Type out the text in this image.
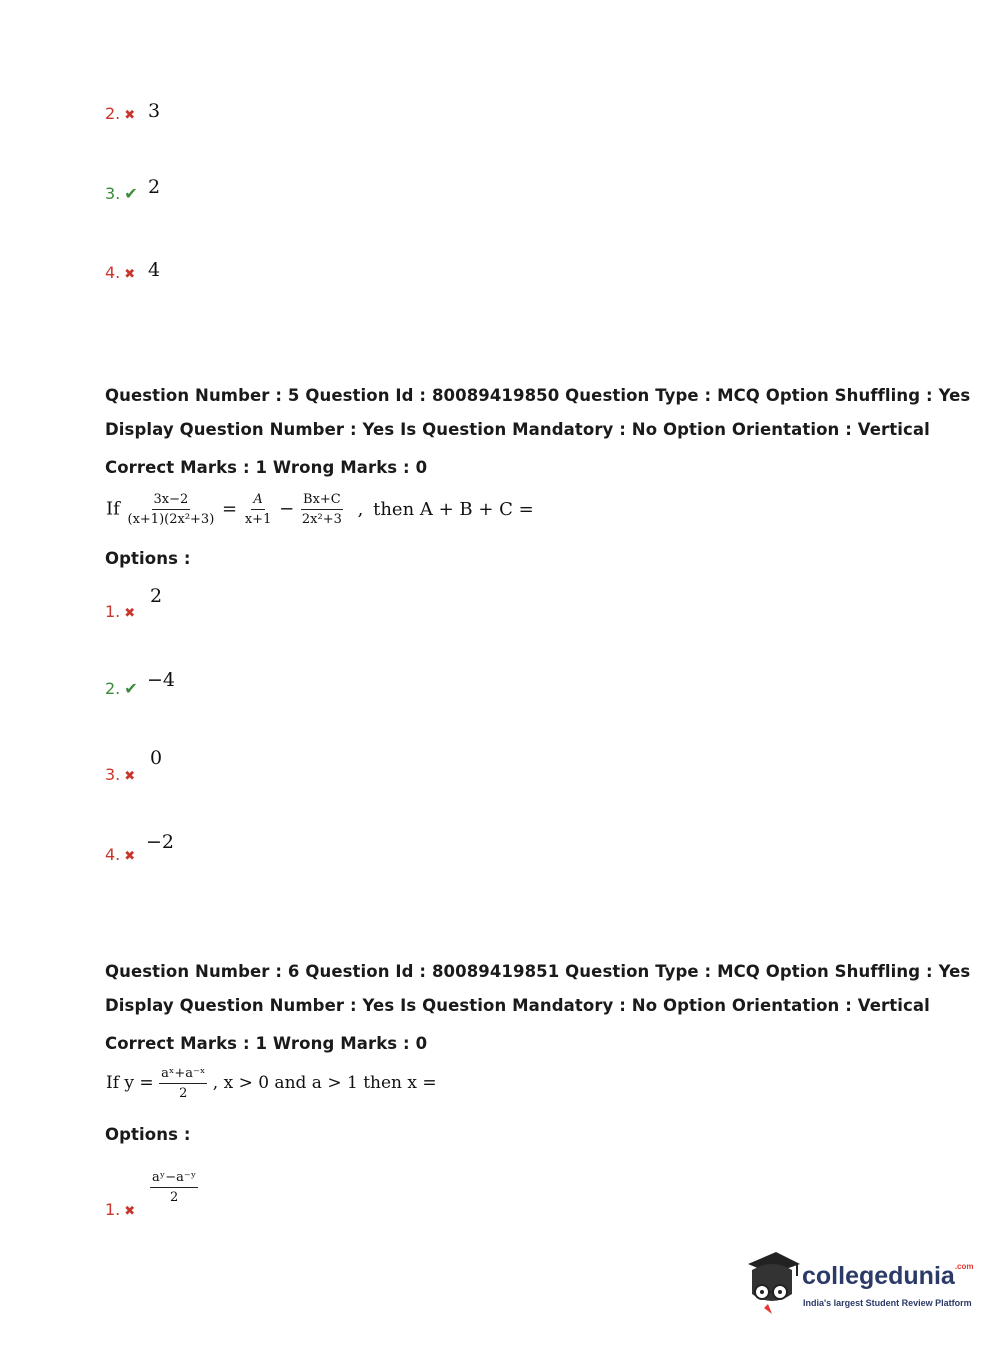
2. ✖ 3
3. ✔ 2
4. ✖ 4
Question Number : 5 Question Id : 80089419850 Question Type : MCQ Option Shuffling : Yes
Display Question Number : Yes Is Question Mandatory : No Option Orientation : Vertical
Correct Marks : 1 Wrong Marks : 0
If $\frac{3x-2}{\text{(x+1)(2x²+3)}} = \frac{A}{x+1} - \frac{Bx+C}{\text{2x²+3}}$ , then A + B + C =
Options :
1. ✖
2
2. ✔ −4
3. ✖
0
4. ✖
−2
Question Number : 6 Question Id : 80089419851 Question Type : MCQ Option Shuffling : Yes
Display Question Number : Yes Is Question Mandatory : No Option Orientation : Vertical
Correct Marks : 1 Wrong Marks : 0
If $y = \frac{\text{aˣ+a⁻ˣ}}{2}$ , x > 0 and a > 1 then x =
Options :
1. ✖
$\frac{\text{aʸ−a⁻ʸ}}{2}$
collegedunia$^{.com}$
India's largest Student Review Platform
